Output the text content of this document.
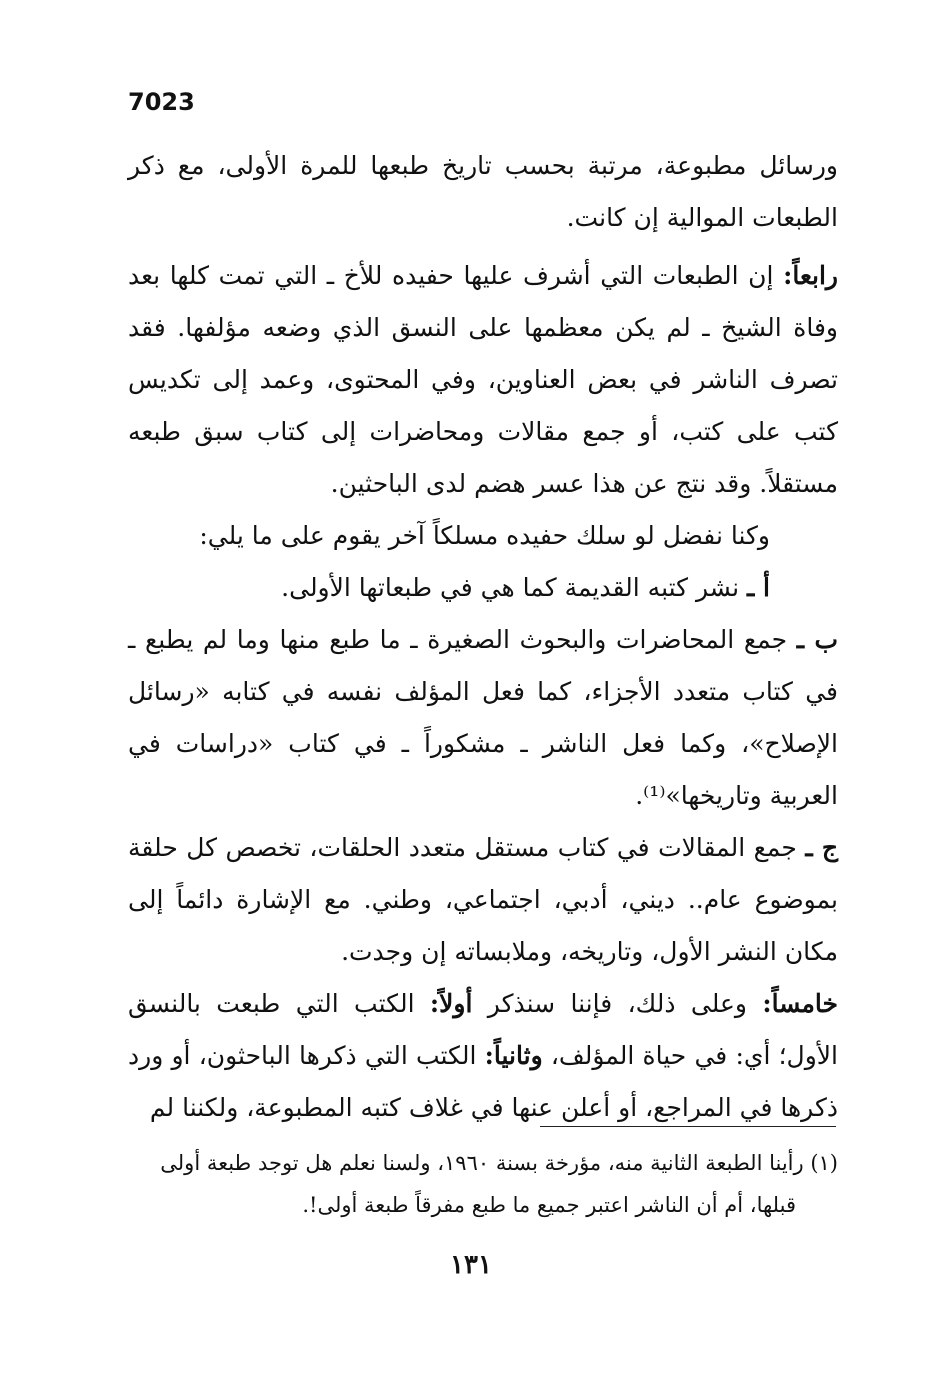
7023

ورسائل مطبوعة، مرتبة بحسب تاريخ طبعها للمرة الأولى، مع ذكر الطبعات الموالية إن كانت.

رابعاً: إن الطبعات التي أشرف عليها حفيده للأخ ـ التي تمت كلها بعد وفاة الشيخ ـ لم يكن معظمها على النسق الذي وضعه مؤلفها. فقد تصرف الناشر في بعض العناوين، وفي المحتوى، وعمد إلى تكديس كتب على كتب، أو جمع مقالات ومحاضرات إلى كتاب سبق طبعه مستقلاً. وقد نتج عن هذا عسر هضم لدى الباحثين.

وكنا نفضل لو سلك حفيده مسلكاً آخر يقوم على ما يلي:

أ ـ نشر كتبه القديمة كما هي في طبعاتها الأولى.

ب ـ جمع المحاضرات والبحوث الصغيرة ـ ما طبع منها وما لم يطبع ـ في كتاب متعدد الأجزاء، كما فعل المؤلف نفسه في كتابه «رسائل الإصلاح»، وكما فعل الناشر ـ مشكوراً ـ في كتاب «دراسات في العربية وتاريخها»⁽¹⁾.

ج ـ جمع المقالات في كتاب مستقل متعدد الحلقات، تخصص كل حلقة بموضوع عام.. ديني، أدبي، اجتماعي، وطني. مع الإشارة دائماً إلى مكان النشر الأول، وتاريخه، وملابساته إن وجدت.

خامساً: وعلى ذلك، فإننا سنذكر أولاً: الكتب التي طبعت بالنسق الأول؛ أي: في حياة المؤلف، وثانياً: الكتب التي ذكرها الباحثون، أو ورد ذكرها في المراجع، أو أعلن عنها في غلاف كتبه المطبوعة، ولكننا لم

(١) رأينا الطبعة الثانية منه، مؤرخة بسنة ١٩٦٠، ولسنا نعلم هل توجد طبعة أولى

قبلها، أم أن الناشر اعتبر جميع ما طبع مفرقاً طبعة أولى!.

١٣١
